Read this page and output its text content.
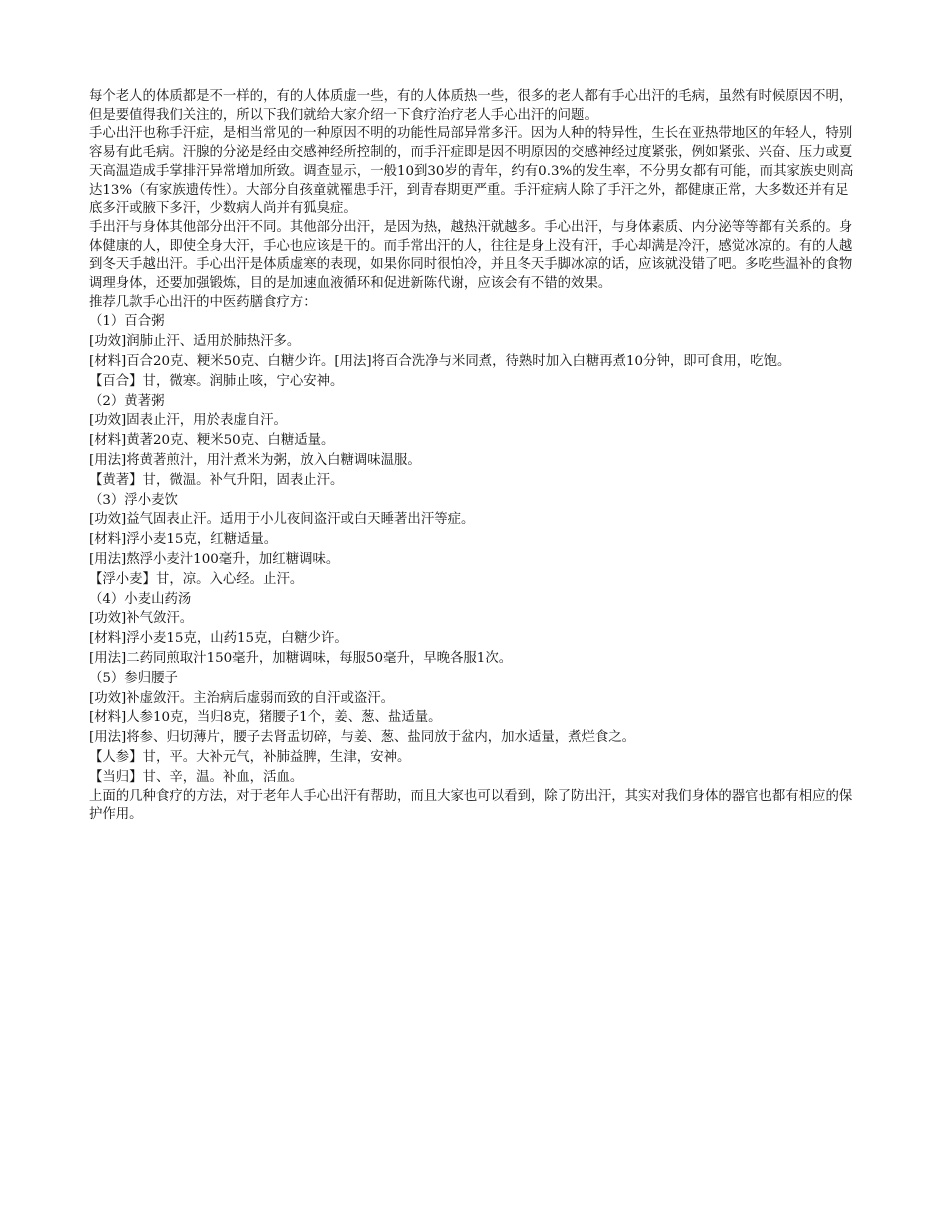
每个老人的体质都是不一样的，有的人体质虚一些，有的人体质热一些，很多的老人都有手心出汗的毛病，虽然有时候原因不明，但是要值得我们关注的，所以下我们就给大家介绍一下食疗治疗老人手心出汗的问题。

手心出汗也称手汗症，是相当常见的一种原因不明的功能性局部异常多汗。因为人种的特异性，生长在亚热带地区的年轻人，特别容易有此毛病。汗腺的分泌是经由交感神经所控制的，而手汗症即是因不明原因的交感神经过度紧张，例如紧张、兴奋、压力或夏天高温造成手掌排汗异常增加所致。调查显示，一般10到30岁的青年，约有0.3%的发生率，不分男女都有可能，而其家族史则高达13%（有家族遗传性）。大部分自孩童就罹患手汗，到青春期更严重。手汗症病人除了手汗之外，都健康正常，大多数还并有足底多汗或腋下多汗，少数病人尚并有狐臭症。

手出汗与身体其他部分出汗不同。其他部分出汗，是因为热，越热汗就越多。手心出汗，与身体素质、内分泌等等都有关系的。身体健康的人，即使全身大汗，手心也应该是干的。而手常出汗的人，往往是身上没有汗，手心却满是冷汗，感觉冰凉的。有的人越到冬天手越出汗。手心出汗是体质虚寒的表现，如果你同时很怕冷，并且冬天手脚冰凉的话，应该就没错了吧。多吃些温补的食物调理身体，还要加强锻炼，目的是加速血液循环和促进新陈代谢，应该会有不错的效果。

推荐几款手心出汗的中医药膳食疗方：

（1）百合粥

[功效]润肺止汗、适用於肺热汗多。

[材料]百合20克、粳米50克、白糖少许。[用法]将百合洗净与米同煮，待熟时加入白糖再煮10分钟，即可食用，吃饱。

【百合】甘，微寒。润肺止咳，宁心安神。

（2）黄著粥

[功效]固表止汗，用於表虚自汗。

[材料]黄著20克、粳米50克、白糖适量。

[用法]将黄著煎汁，用汁煮米为粥，放入白糖调味温服。

【黄著】甘，微温。补气升阳，固表止汗。

（3）浮小麦饮

[功效]益气固表止汗。适用于小儿夜间盗汗或白天睡著出汗等症。

[材料]浮小麦15克，红糖适量。

[用法]熬浮小麦汁100毫升，加红糖调味。

【浮小麦】甘，凉。入心经。止汗。

（4）小麦山药汤

[功效]补气敛汗。

[材料]浮小麦15克，山药15克，白糖少许。

[用法]二药同煎取汁150毫升，加糖调味，每服50毫升，早晚各服1次。

（5）参归腰子

[功效]补虚敛汗。主治病后虚弱而致的自汗或盗汗。

[材料]人参10克，当归8克，猪腰子1个，姜、葱、盐适量。

[用法]将参、归切薄片，腰子去肾盂切碎，与姜、葱、盐同放于盆内，加水适量，煮烂食之。

【人参】甘，平。大补元气，补肺益脾，生津，安神。

【当归】甘、辛，温。补血，活血。

上面的几种食疗的方法，对于老年人手心出汗有帮助，而且大家也可以看到，除了防出汗，其实对我们身体的器官也都有相应的保护作用。
